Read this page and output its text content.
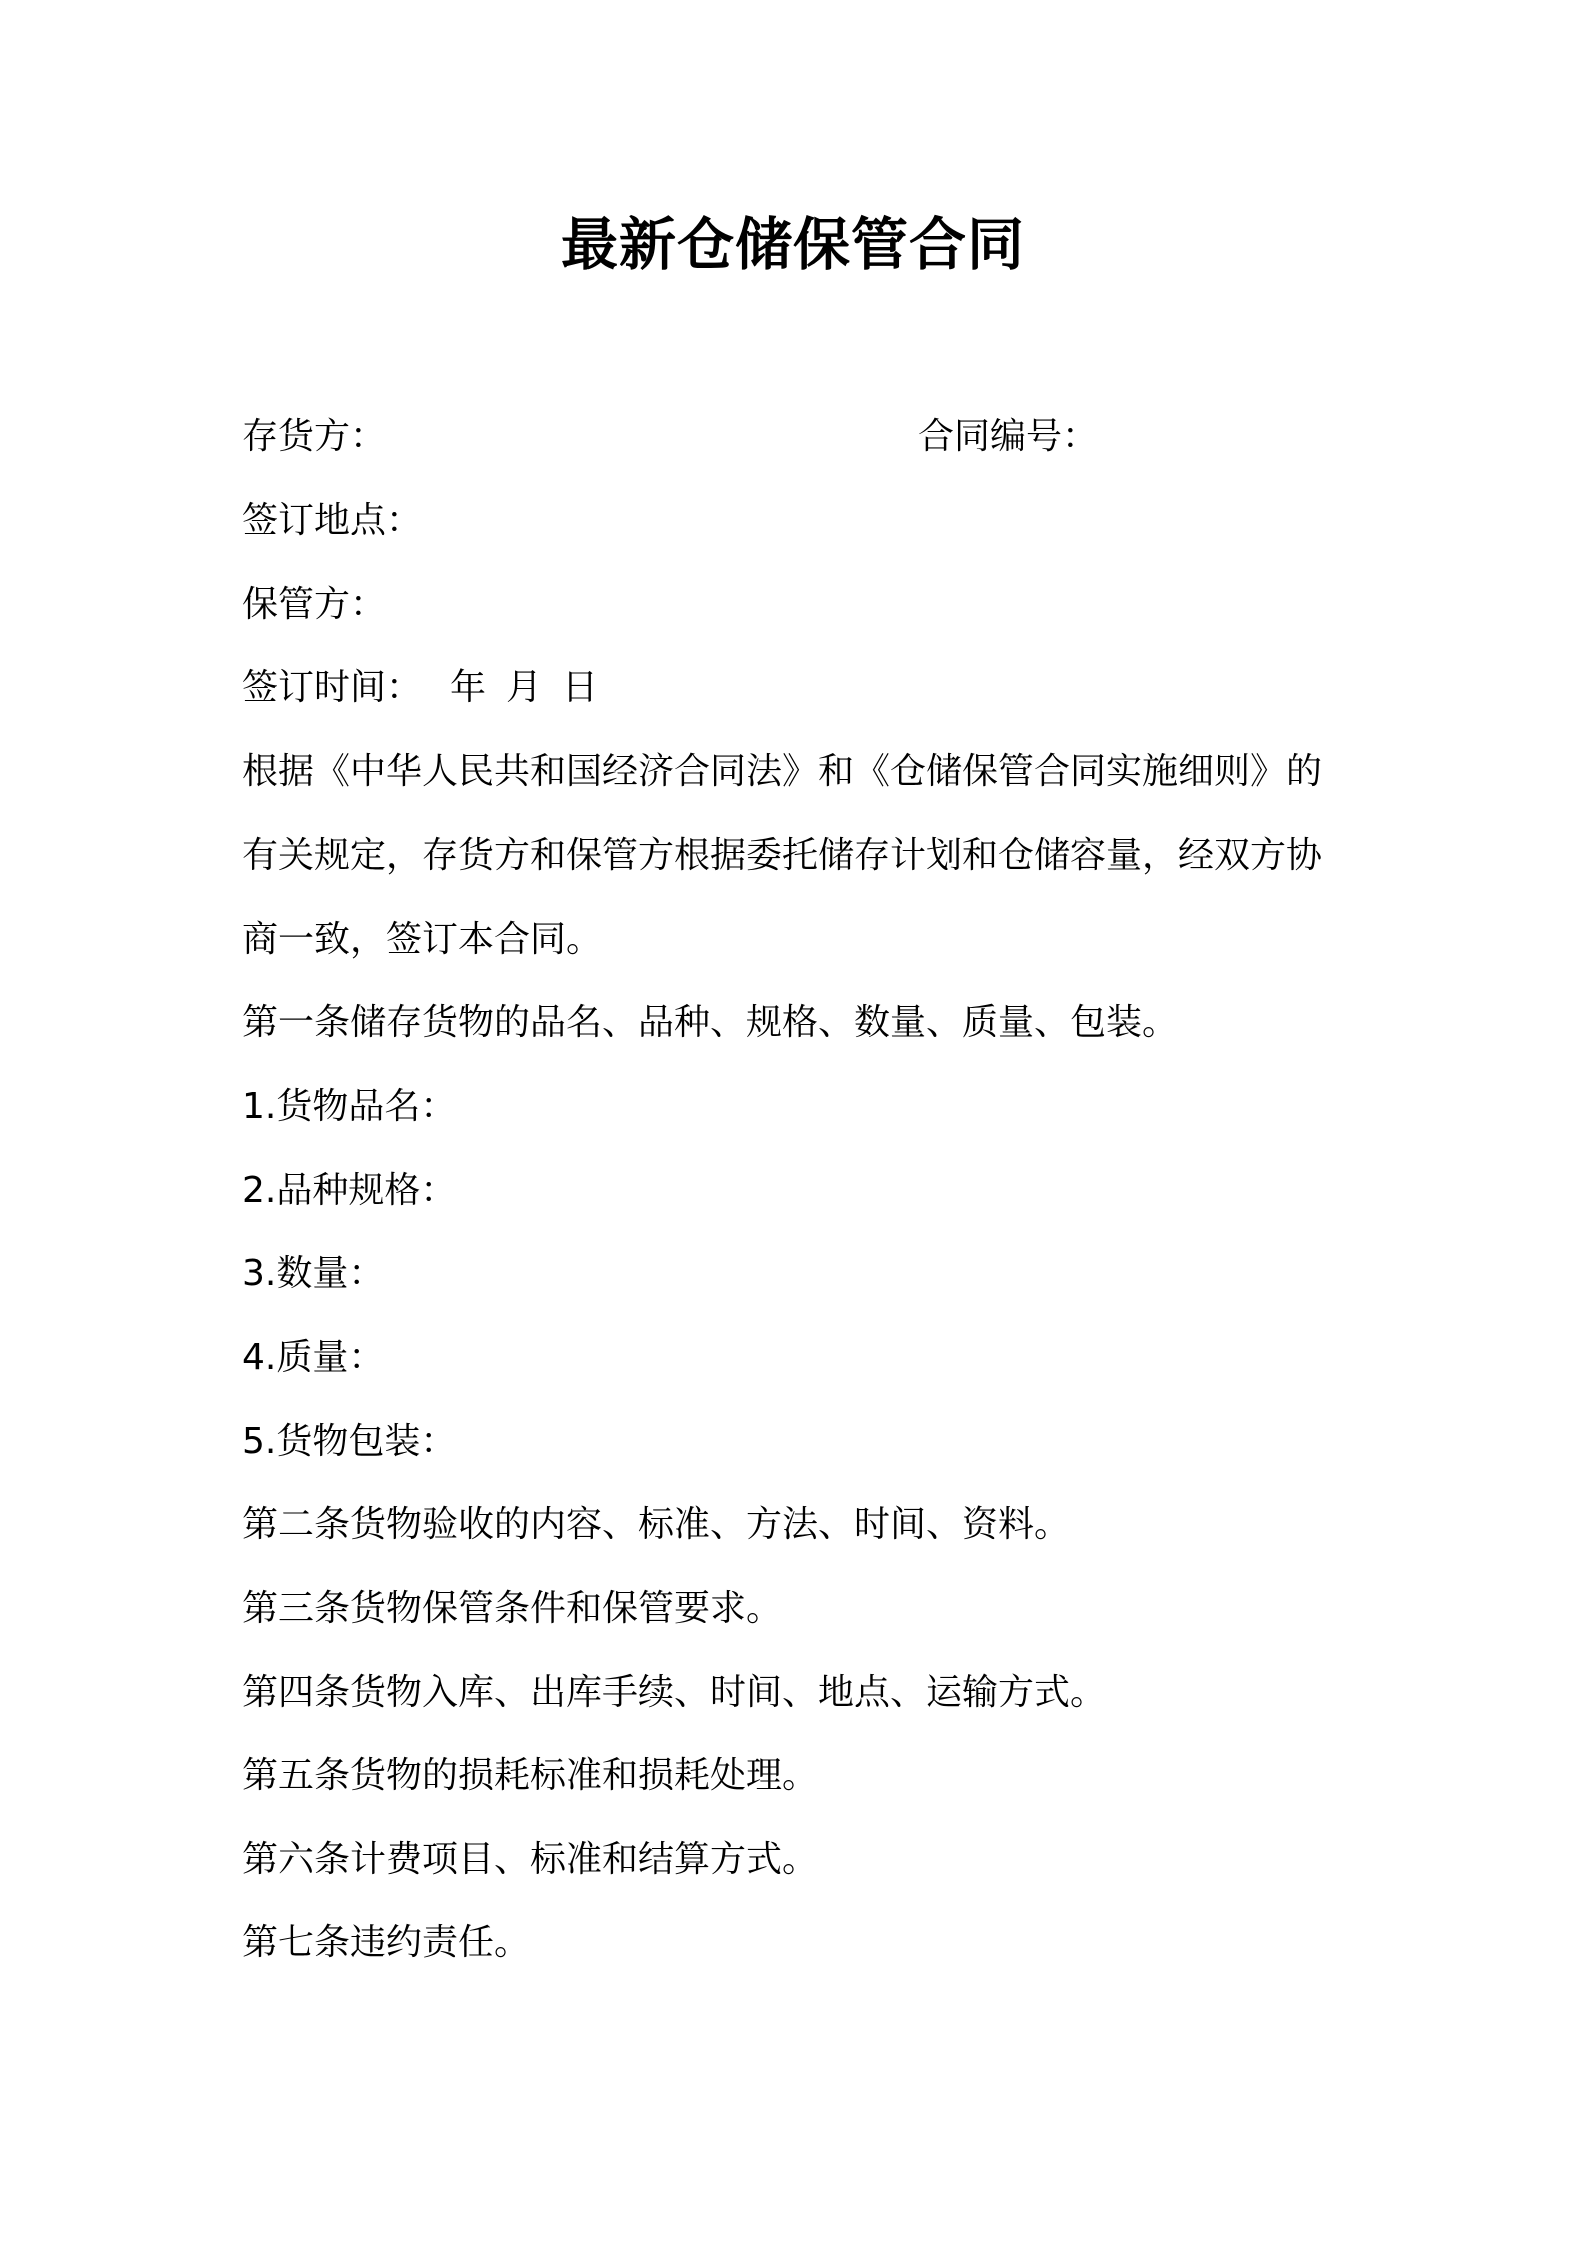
最新仓储保管合同
存货方：	合同编号：
签订地点：
保管方：
签订时间： 年 月 日
根据《中华人民共和国经济合同法》和《仓储保管合同实施细则》的
有关规定，存货方和保管方根据委托储存计划和仓储容量，经双方协
商一致，签订本合同。
第一条储存货物的品名、品种、规格、数量、质量、包装。
1.货物品名：
2.品种规格：
3.数量：
4.质量：
5.货物包装：
第二条货物验收的内容、标准、方法、时间、资料。
第三条货物保管条件和保管要求。
第四条货物入库、出库手续、时间、地点、运输方式。
第五条货物的损耗标准和损耗处理。
第六条计费项目、标准和结算方式。
第七条违约责任。
